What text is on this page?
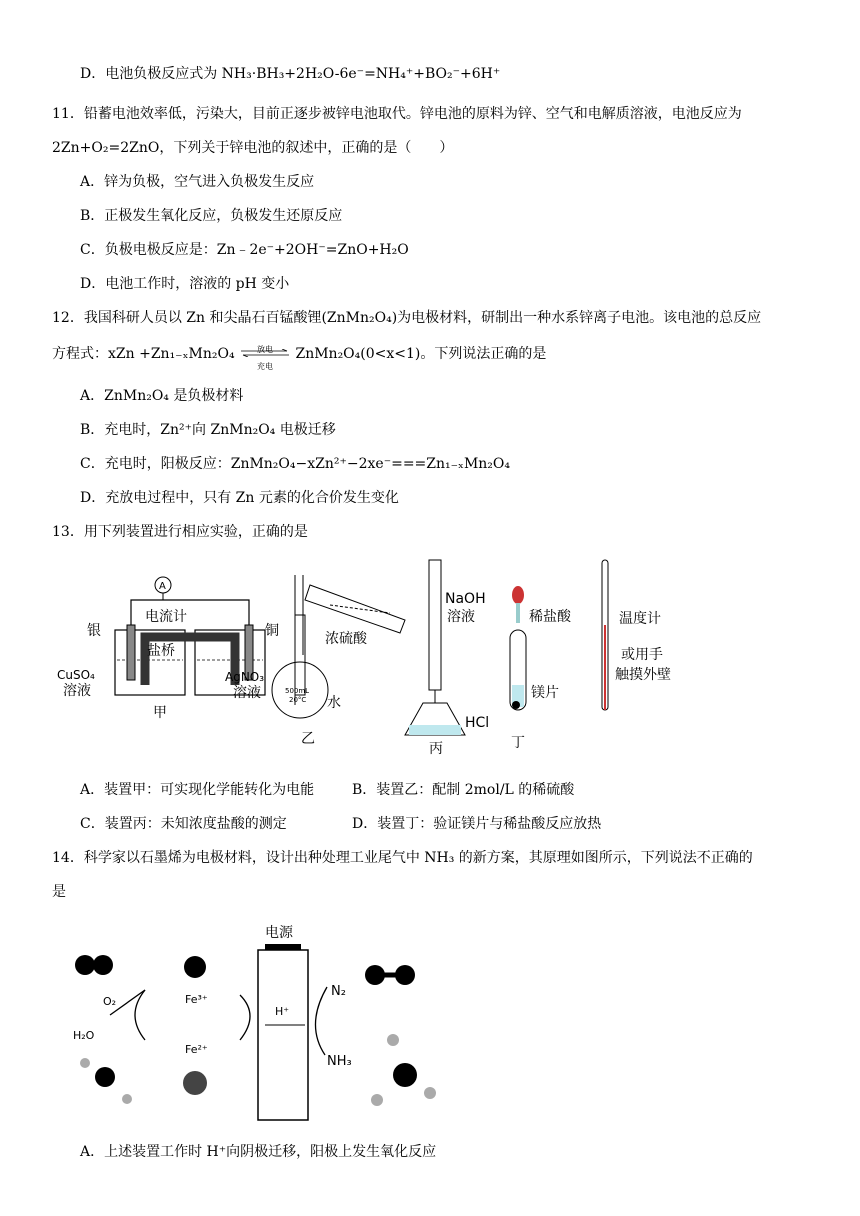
D．电池负极反应式为 NH₃·BH₃+2H₂O-6e⁻=NH₄⁺+BO₂⁻+6H⁺
11．铅蓄电池效率低，污染大，目前正逐步被锌电池取代。锌电池的原料为锌、空气和电解质溶液，电池反应为
2Zn+O₂=2ZnO，下列关于锌电池的叙述中，正确的是（　　）
A．锌为负极，空气进入负极发生反应
B．正极发生氧化反应，负极发生还原反应
C．负极电极反应是：Zn﹣2e⁻+2OH⁻=ZnO+H₂O
D．电池工作时，溶液的 pH 变小
12．我国科研人员以 Zn 和尖晶石百锰酸锂(ZnMn₂O₄)为电极材料，研制出一种水系锌离子电池。该电池的总反应
方程式：xZn +Zn₁₋ₓMn₂O₄	放电
充电
ZnMn₂O₄(0<x<1)。下列说法正确的是
A．ZnMn₂O₄ 是负极材料
B．充电时，Zn²⁺向 ZnMn₂O₄ 电极迁移
C．充电时，阳极反应：ZnMn₂O₄−xZn²⁺−2xe⁻===Zn₁₋ₓMn₂O₄
D．充放电过程中，只有 Zn 元素的化合价发生变化
13．用下列装置进行相应实验，正确的是
A
电流计
银	铜
盐桥
CuSO₄
溶液
AgNO₃
溶液
甲
浓硫酸
500mL
20°C 水
乙
NaOH
溶液
HCl
丙
稀盐酸
镁片
丁
温度计
或用手
触摸外壁
A．装置甲：可实现化学能转化为电能	B．装置乙：配制 2mol/L 的稀硫酸
C．装置丙：未知浓度盐酸的测定	D．装置丁：验证镁片与稀盐酸反应放热
14．科学家以石墨烯为电极材料，设计出种处理工业尾气中 NH₃ 的新方案，其原理如图所示，下列说法不正确的
是
O₂	Fe³⁺
H₂O
Fe²⁺
电源
H⁺
N₂
NH₃
A．上述装置工作时 H⁺向阴极迁移，阳极上发生氧化反应
